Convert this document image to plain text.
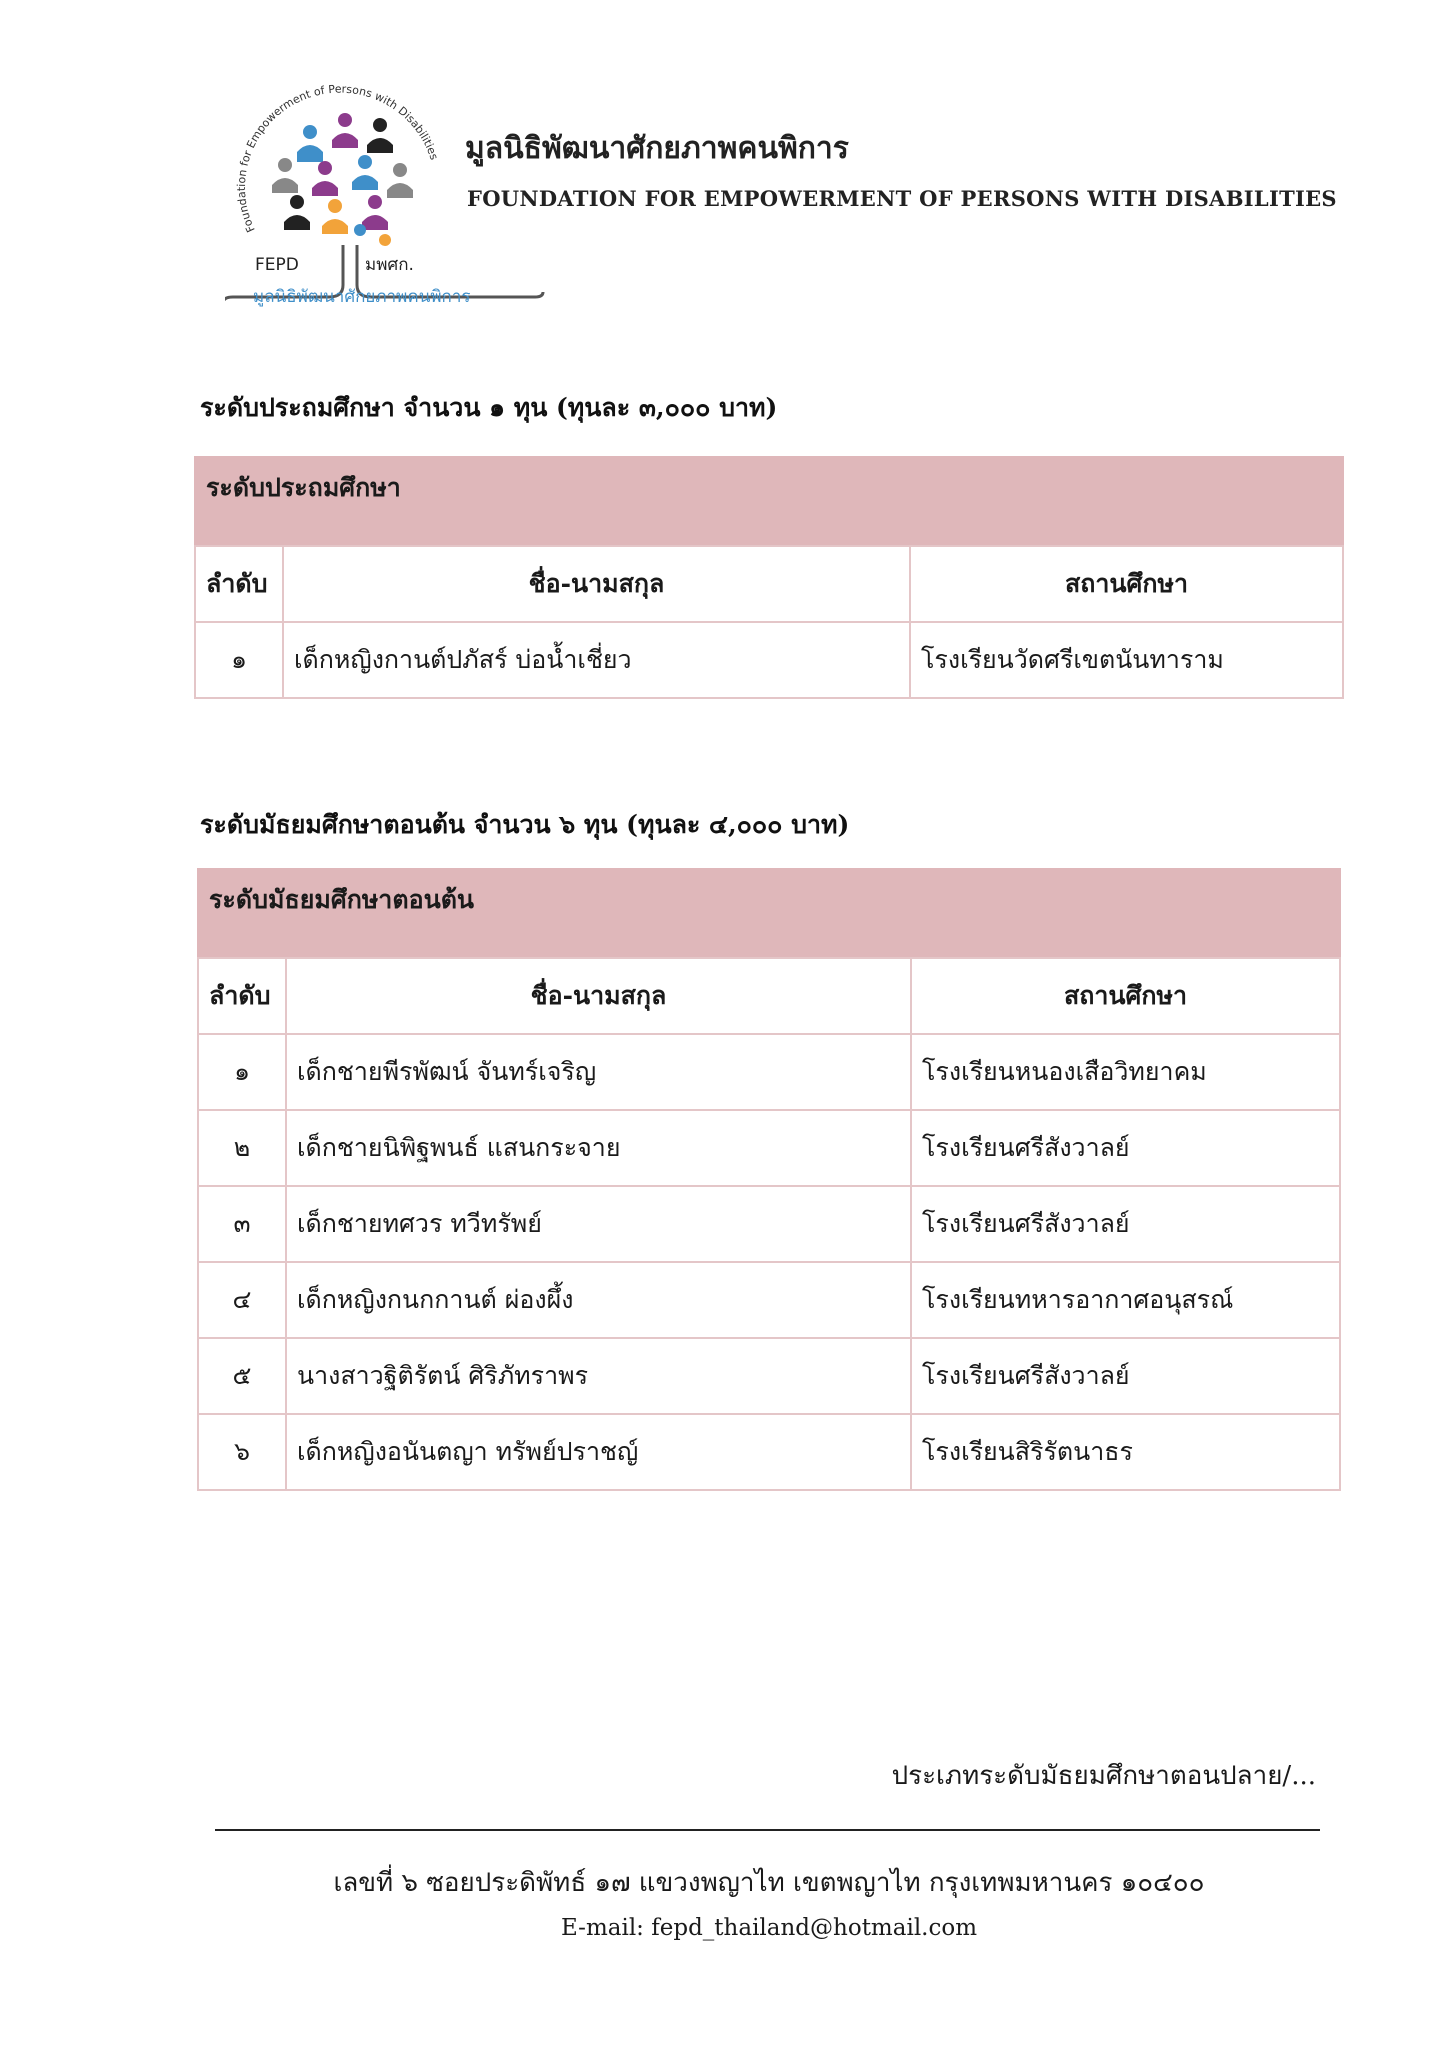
Foundation for Empowerment of Persons with Disabilities
FEPD	มพศก.
มูลนิธิพัฒนาศักยภาพคนพิการ
มูลนิธิพัฒนาศักยภาพคนพิการ
FOUNDATION FOR EMPOWERMENT OF PERSONS WITH DISABILITIES
ระดับประถมศึกษา จำนวน ๑ ทุน (ทุนละ ๓,๐๐๐ บาท)
ระดับประถมศึกษา		
ลำดับ	ชื่อ-นามสกุล	สถานศึกษา
๑	เด็กหญิงกานต์ปภัสร์ บ่อน้ำเชี่ยว	โรงเรียนวัดศรีเขตนันทาราม
ระดับมัธยมศึกษาตอนต้น จำนวน ๖ ทุน (ทุนละ ๔,๐๐๐ บาท)
ระดับมัธยมศึกษาตอนต้น		
ลำดับ	ชื่อ-นามสกุล	สถานศึกษา
๑	เด็กชายพีรพัฒน์ จันทร์เจริญ	โรงเรียนหนองเสือวิทยาคม
๒	เด็กชายนิพิฐพนธ์ แสนกระจาย	โรงเรียนศรีสังวาลย์
๓	เด็กชายทศวร ทวีทรัพย์	โรงเรียนศรีสังวาลย์
๔	เด็กหญิงกนกกานต์ ผ่องผึ้ง	โรงเรียนทหารอากาศอนุสรณ์
๕	นางสาวฐิติรัตน์ ศิริภัทราพร	โรงเรียนศรีสังวาลย์
๖	เด็กหญิงอนันตญา ทรัพย์ปราชญ์	โรงเรียนสิริรัตนาธร
ประเภทระดับมัธยมศึกษาตอนปลาย/...
เลขที่ ๖ ซอยประดิพัทธ์ ๑๗ แขวงพญาไท เขตพญาไท กรุงเทพมหานคร ๑๐๔๐๐
E-mail: fepd_thailand@hotmail.com
